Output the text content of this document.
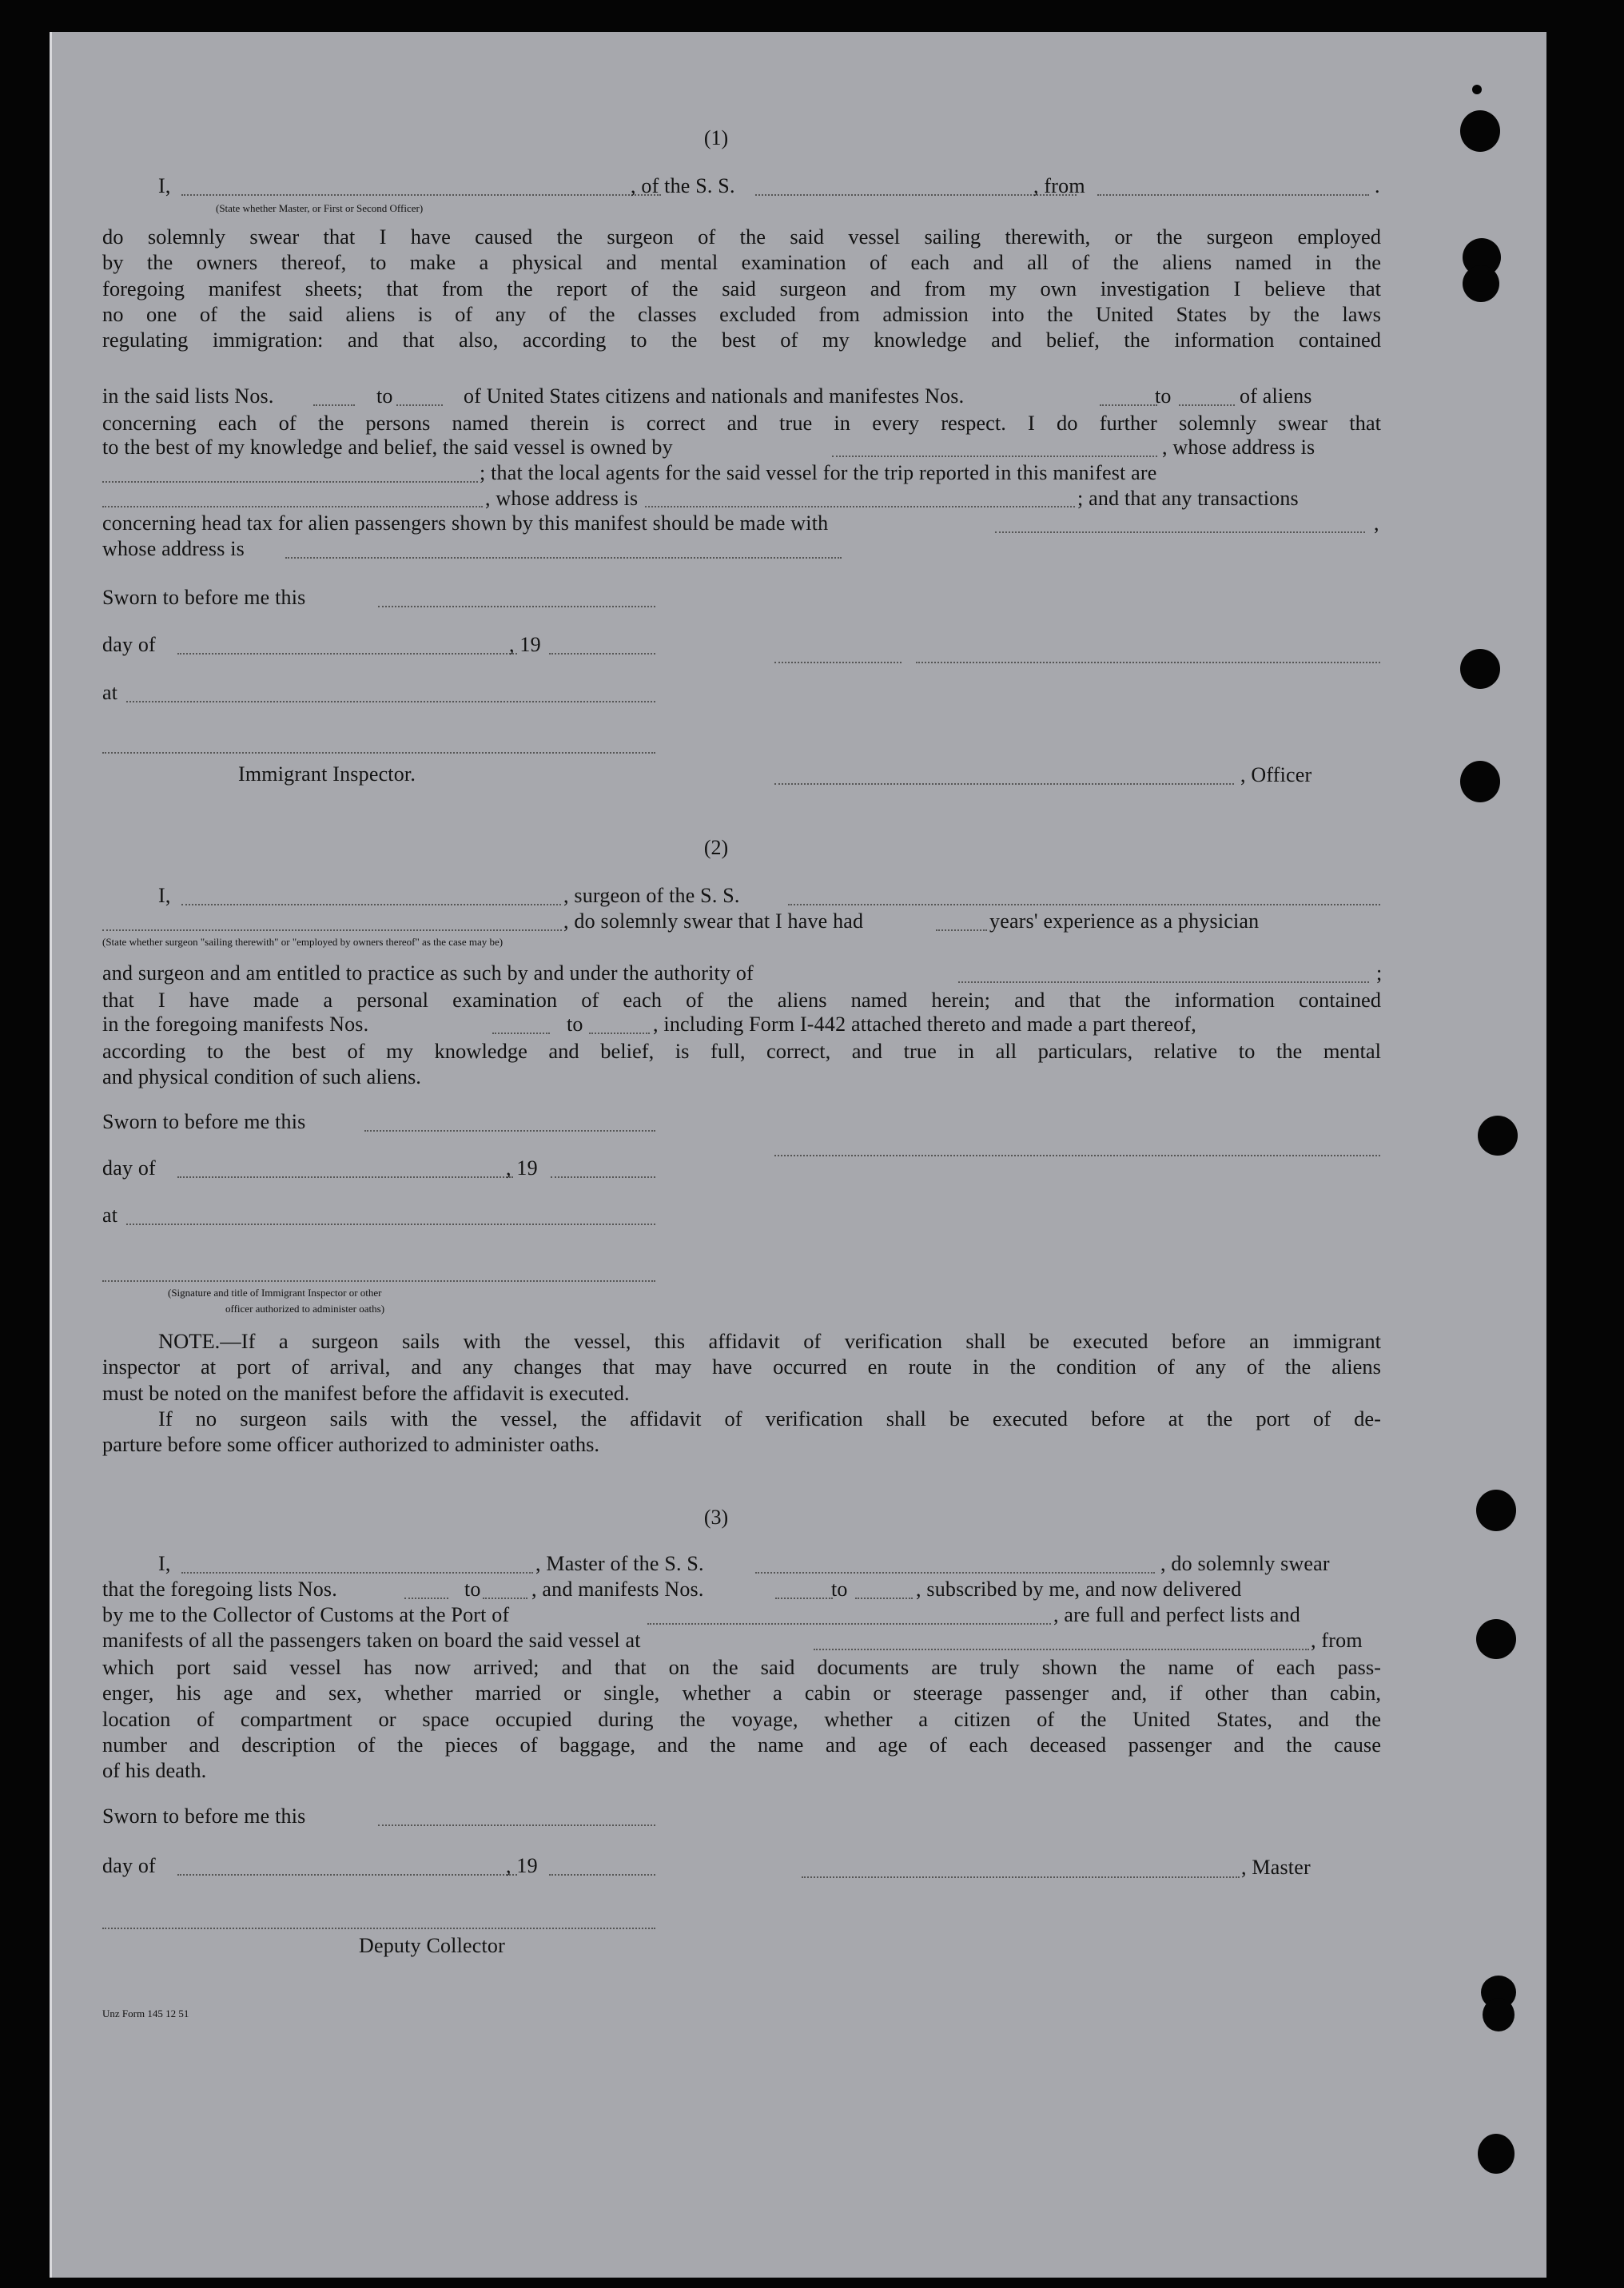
(1)
I,	, of the S. S.	, from	.
(State whether Master, or First or Second Officer)

do solemnly swear that I have caused the surgeon of the said vessel sailing therewith, or the surgeon employed

by the owners thereof, to make a physical and mental examination of each and all of the aliens named in the

foregoing manifest sheets; that from the report of the said surgeon and from my own investigation I believe that

no one of the said aliens is of any of the classes excluded from admission into the United States by the laws

regulating immigration: and that also, according to the best of my knowledge and belief, the information contained

in the said lists Nos.	to	of United States citizens and nationals and manifestes Nos.	to	of aliens

concerning each of the persons named therein is correct and true in every respect. I do further solemnly swear that

to the best of my knowledge and belief, the said vessel is owned by	, whose address is
; that the local agents for the said vessel for the trip reported in this manifest are
, whose address is	; and that any transactions
concerning head tax for alien passengers shown by this manifest should be made with	,
whose address is
Sworn to before me this
day of	, 19
at
Immigrant Inspector.	, Officer
(2)
I,	, surgeon of the S. S.
, do solemnly swear that I have had	years' experience as a physician
(State whether surgeon "sailing therewith" or "employed by owners thereof" as the case may be)
and surgeon and am entitled to practice as such by and under the authority of	;

that I have made a personal examination of each of the aliens named herein; and that the information contained

in the foregoing manifests Nos.	to	, including Form I-442 attached thereto and made a part thereof,

according to the best of my knowledge and belief, is full, correct, and true in all particulars, relative to the mental

and physical condition of such aliens.

Sworn to before me this
day of	, 19
at
(Signature and title of Immigrant Inspector or other
officer authorized to administer oaths)

NOTE.—If a surgeon sails with the vessel, this affidavit of verification shall be executed before an immigrant

inspector at port of arrival, and any changes that may have occurred en route in the condition of any of the aliens

must be noted on the manifest before the affidavit is executed.

If no surgeon sails with the vessel, the affidavit of verification shall be executed before at the port of de-

parture before some officer authorized to administer oaths.

(3)
I,	, Master of the S. S.	, do solemnly swear
that the foregoing lists Nos.	to , and manifests Nos.	to	, subscribed by me, and now delivered
by me to the Collector of Customs at the Port of	, are full and perfect lists and
manifests of all the passengers taken on board the said vessel at	, from

which port said vessel has now arrived; and that on the said documents are truly shown the name of each pass-

enger, his age and sex, whether married or single, whether a cabin or steerage passenger and, if other than cabin,

location of compartment or space occupied during the voyage, whether a citizen of the United States, and the

number and description of the pieces of baggage, and the name and age of each deceased passenger and the cause

of his death.

Sworn to before me this
day of	, 19	, Master
Deputy Collector
Unz Form 145 12 51
